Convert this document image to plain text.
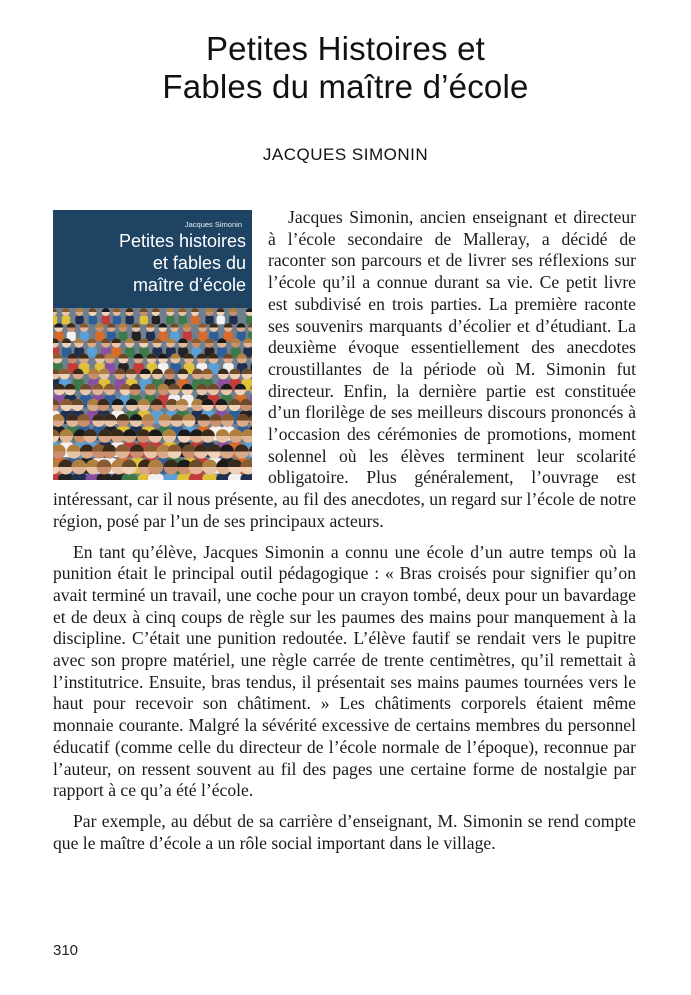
Petites Histoires et
Fables du maître d’école
JACQUES SIMONIN
Jacques Simonin
Petites histoires
et fables du
maître d’école

Jacques Simonin, ancien enseignant et directeur à l’école secondaire de Malleray, a décidé de raconter son parcours et de livrer ses réflexions sur l’école qu’il a connue durant sa vie. Ce petit livre est subdivisé en trois parties. La première raconte ses souvenirs marquants d’écolier et d’étudiant. La deuxième évoque essentiellement des anecdotes croustillantes de la période où M. Simonin fut directeur. Enfin, la dernière partie est constituée d’un florilège de ses meilleurs discours prononcés à l’occasion des cérémonies de promotions, moment solennel où les élèves terminent leur scolarité obligatoire. Plus généralement, l’ouvrage est intéressant, car il nous présente, au fil des anecdotes, un regard sur l’école de notre région, posé par l’un de ses principaux acteurs.

En tant qu’élève, Jacques Simonin a connu une école d’un autre temps où la punition était le principal outil pédagogique : « Bras croisés pour signifier qu’on avait terminé un travail, une coche pour un crayon tombé, deux pour un bavardage et de deux à cinq coups de règle sur les paumes des mains pour manquement à la discipline. C’était une punition redoutée. L’élève fautif se rendait vers le pupitre avec son propre matériel, une règle carrée de trente centimètres, qu’il remettait à l’institutrice. Ensuite, bras tendus, il présentait ses mains paumes tournées vers le haut pour recevoir son châtiment. » Les châtiments corporels étaient même monnaie courante. Malgré la sévérité excessive de certains membres du personnel éducatif (comme celle du directeur de l’école normale de l’époque), reconnue par l’auteur, on ressent souvent au fil des pages une certaine forme de nostalgie par rapport à ce qu’a été l’école.

Par exemple, au début de sa carrière d’enseignant, M. Simonin se rend compte que le maître d’école a un rôle social important dans le village.

310
